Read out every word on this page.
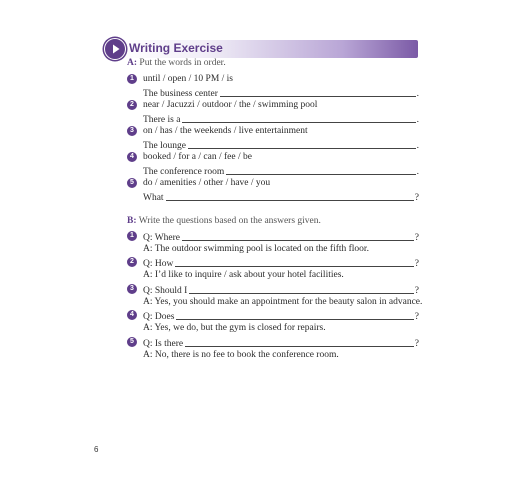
Writing Exercise
A: Put the words in order.
1 until / open / 10 PM / is
The business center	.
2 near / Jacuzzi / outdoor / the / swimming pool
There is a	.
3 on / has / the weekends / live entertainment
The lounge	.
4 booked / for a / can / fee / be
The conference room	.
5 do / amenities / other / have / you
What	?
B: Write the questions based on the answers given.
1 Q: Where	?
A: The outdoor swimming pool is located on the fifth floor.
2 Q: How	?
A: I’d like to inquire / ask about your hotel facilities.
3 Q: Should I	?
A: Yes, you should make an appointment for the beauty salon in advance.
4 Q: Does	?
A: Yes, we do, but the gym is closed for repairs.
5 Q: Is there	?
A: No, there is no fee to book the conference room.
6
